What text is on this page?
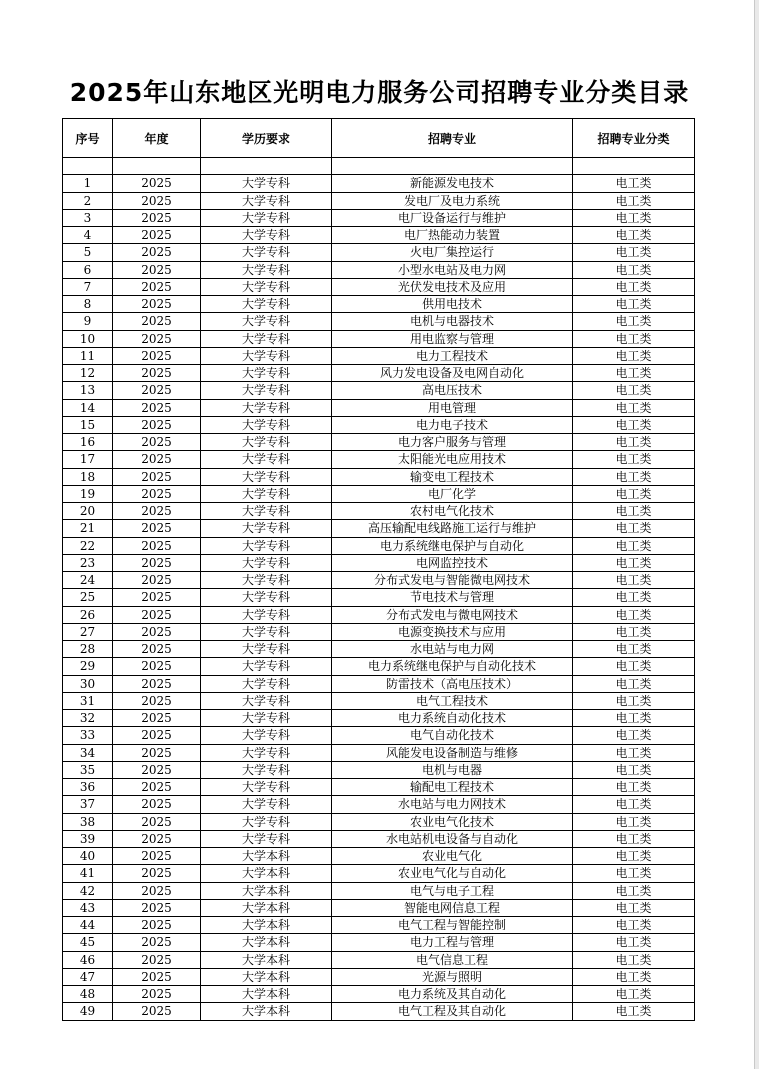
2025年山东地区光明电力服务公司招聘专业分类目录
序号	年度	学历要求	招聘专业	招聘专业分类

1	2025	大学专科	新能源发电技术	电工类
2	2025	大学专科	发电厂及电力系统	电工类
3	2025	大学专科	电厂设备运行与维护	电工类
4	2025	大学专科	电厂热能动力装置	电工类
5	2025	大学专科	火电厂集控运行	电工类
6	2025	大学专科	小型水电站及电力网	电工类
7	2025	大学专科	光伏发电技术及应用	电工类
8	2025	大学专科	供用电技术	电工类
9	2025	大学专科	电机与电器技术	电工类
10	2025	大学专科	用电监察与管理	电工类
11	2025	大学专科	电力工程技术	电工类
12	2025	大学专科	风力发电设备及电网自动化	电工类
13	2025	大学专科	高电压技术	电工类
14	2025	大学专科	用电管理	电工类
15	2025	大学专科	电力电子技术	电工类
16	2025	大学专科	电力客户服务与管理	电工类
17	2025	大学专科	太阳能光电应用技术	电工类
18	2025	大学专科	输变电工程技术	电工类
19	2025	大学专科	电厂化学	电工类
20	2025	大学专科	农村电气化技术	电工类
21	2025	大学专科	高压输配电线路施工运行与维护	电工类
22	2025	大学专科	电力系统继电保护与自动化	电工类
23	2025	大学专科	电网监控技术	电工类
24	2025	大学专科	分布式发电与智能微电网技术	电工类
25	2025	大学专科	节电技术与管理	电工类
26	2025	大学专科	分布式发电与微电网技术	电工类
27	2025	大学专科	电源变换技术与应用	电工类
28	2025	大学专科	水电站与电力网	电工类
29	2025	大学专科	电力系统继电保护与自动化技术	电工类
30	2025	大学专科	防雷技术（高电压技术）	电工类
31	2025	大学专科	电气工程技术	电工类
32	2025	大学专科	电力系统自动化技术	电工类
33	2025	大学专科	电气自动化技术	电工类
34	2025	大学专科	风能发电设备制造与维修	电工类
35	2025	大学专科	电机与电器	电工类
36	2025	大学专科	输配电工程技术	电工类
37	2025	大学专科	水电站与电力网技术	电工类
38	2025	大学专科	农业电气化技术	电工类
39	2025	大学专科	水电站机电设备与自动化	电工类
40	2025	大学本科	农业电气化	电工类
41	2025	大学本科	农业电气化与自动化	电工类
42	2025	大学本科	电气与电子工程	电工类
43	2025	大学本科	智能电网信息工程	电工类
44	2025	大学本科	电气工程与智能控制	电工类
45	2025	大学本科	电力工程与管理	电工类
46	2025	大学本科	电气信息工程	电工类
47	2025	大学本科	光源与照明	电工类
48	2025	大学本科	电力系统及其自动化	电工类
49	2025	大学本科	电气工程及其自动化	电工类
